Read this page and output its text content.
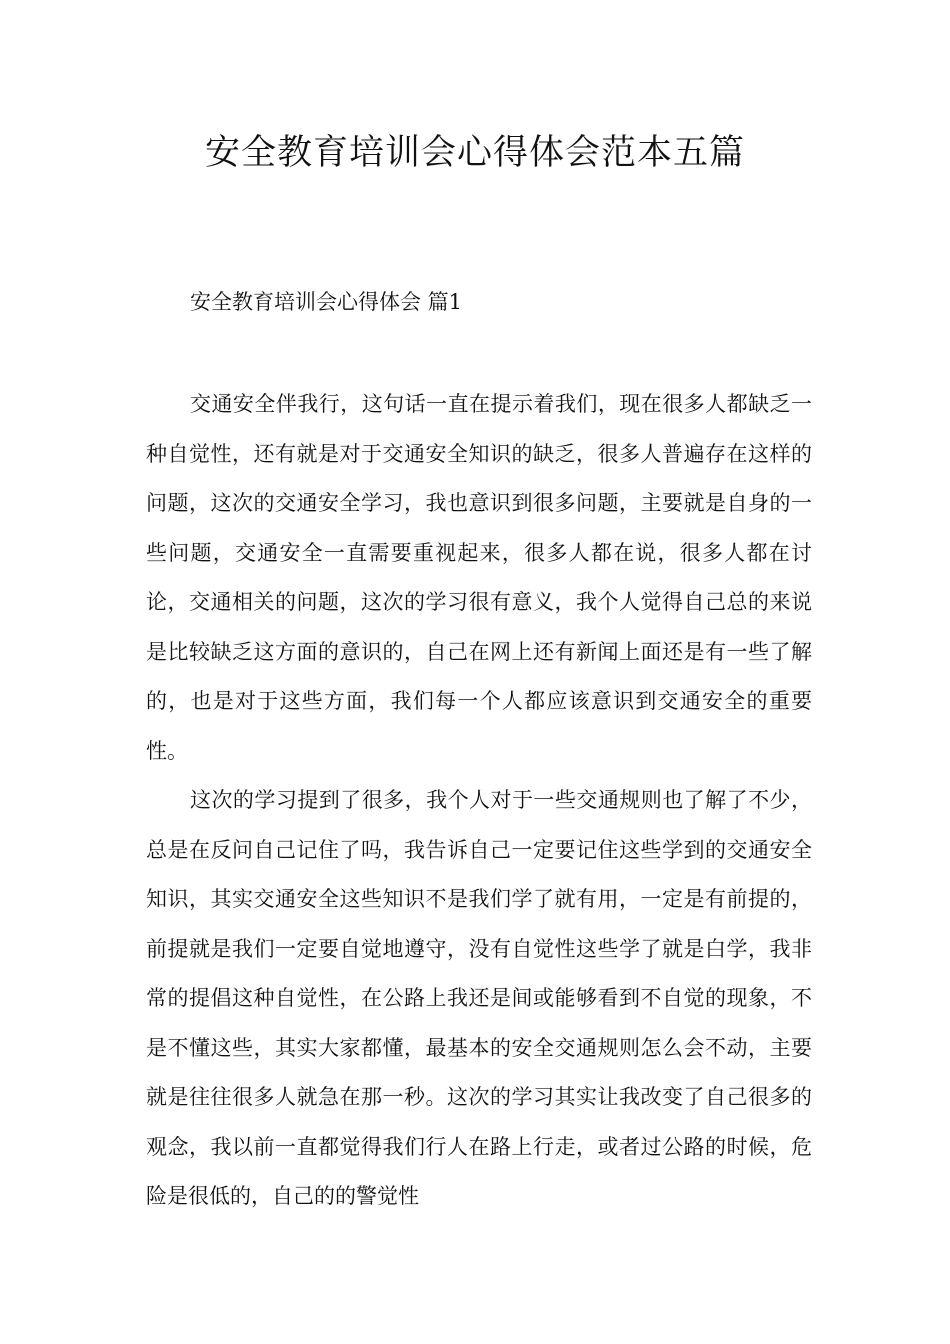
安全教育培训会心得体会范本五篇
安全教育培训会心得体会 篇1

交通安全伴我行，这句话一直在提示着我们，现在很多人都缺乏一种自觉性，还有就是对于交通安全知识的缺乏，很多人普遍存在这样的问题，这次的交通安全学习，我也意识到很多问题，主要就是自身的一些问题，交通安全一直需要重视起来，很多人都在说，很多人都在讨论，交通相关的问题，这次的学习很有意义，我个人觉得自己总的来说是比较缺乏这方面的意识的，自己在网上还有新闻上面还是有一些了解的，也是对于这些方面，我们每一个人都应该意识到交通安全的重要性。

这次的学习提到了很多，我个人对于一些交通规则也了解了不少，总是在反问自己记住了吗，我告诉自己一定要记住这些学到的交通安全知识，其实交通安全这些知识不是我们学了就有用，一定是有前提的，前提就是我们一定要自觉地遵守，没有自觉性这些学了就是白学，我非常的提倡这种自觉性，在公路上我还是间或能够看到不自觉的现象，不是不懂这些，其实大家都懂，最基本的安全交通规则怎么会不动，主要就是往往很多人就急在那一秒。这次的学习其实让我改变了自己很多的观念，我以前一直都觉得我们行人在路上行走，或者过公路的时候，危险是很低的，自己的的警觉性
